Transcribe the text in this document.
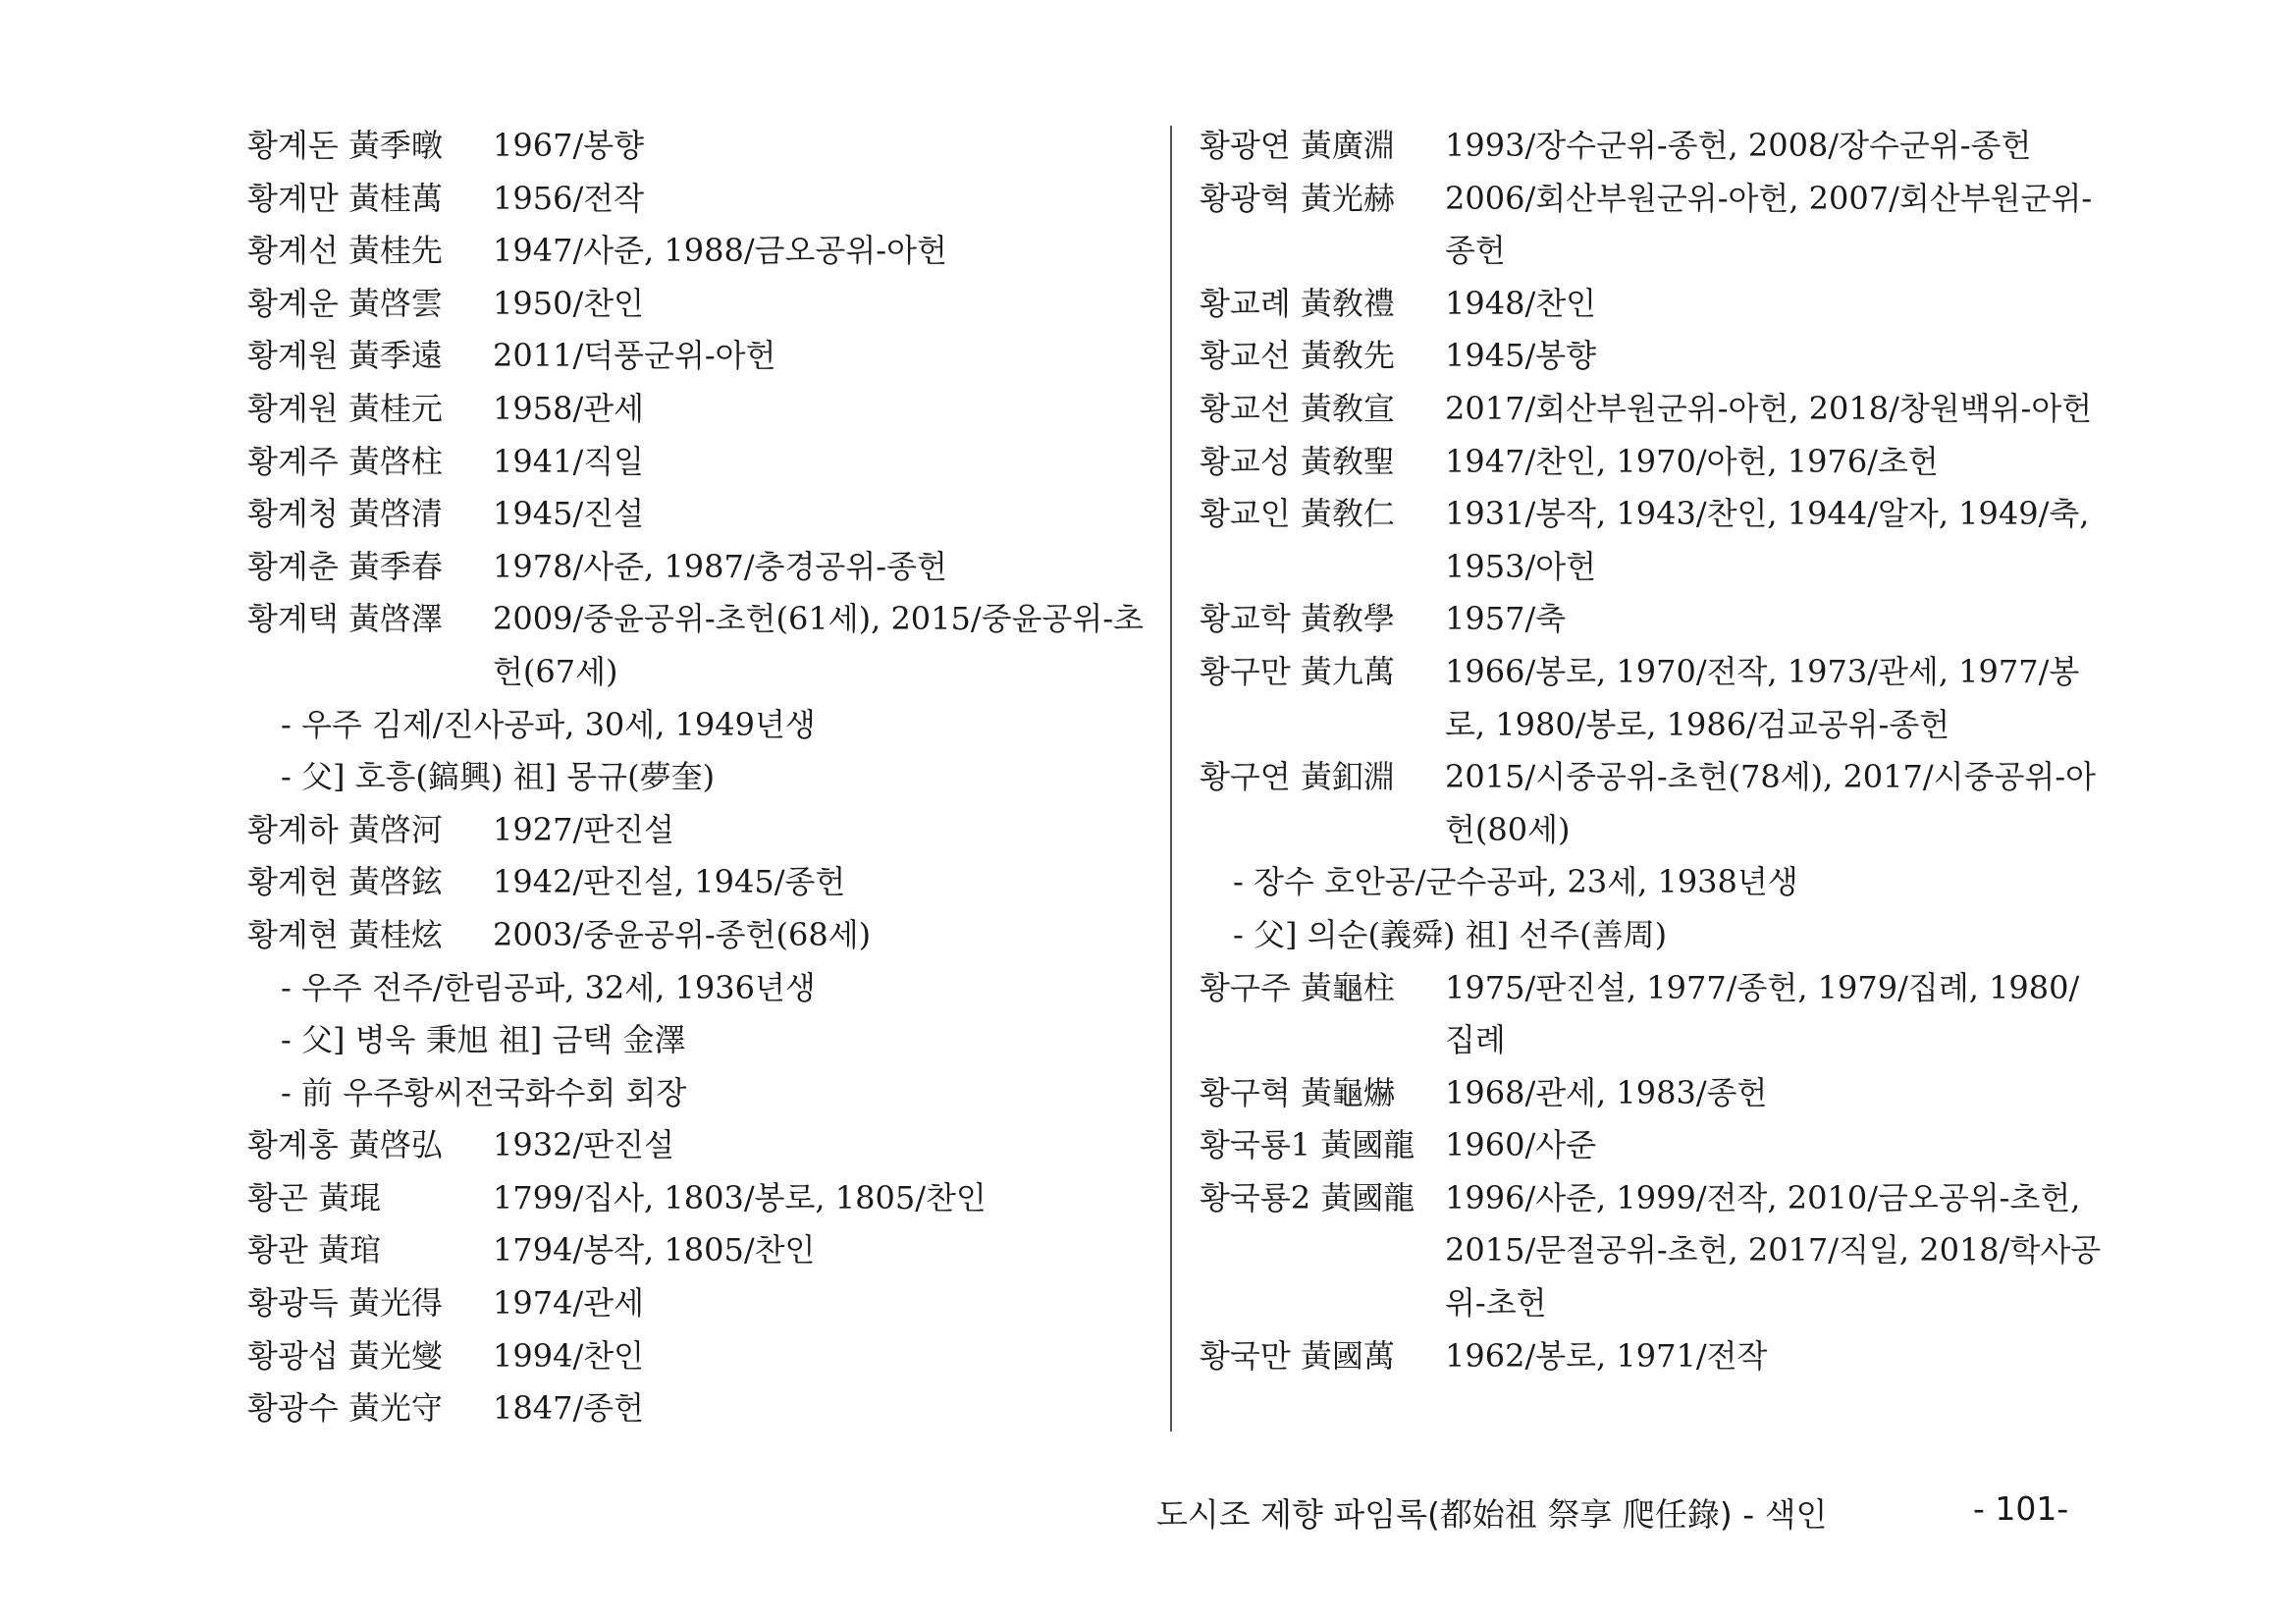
황계돈 黃季暾	1967/봉향
황계만 黃桂萬	1956/전작
황계선 黃桂先	1947/사준, 1988/금오공위-아헌
황계운 黃啓雲	1950/찬인
황계원 黃季遠	2011/덕풍군위-아헌
황계원 黃桂元	1958/관세
황계주 黃啓柱	1941/직일
황계청 黃啓清	1945/진설
황계춘 黃季春	1978/사준, 1987/충경공위-종헌
황계택 黃啓澤	2009/중윤공위-초헌(61세), 2015/중윤공위-초헌(67세)
- 우주 김제/진사공파, 30세, 1949년생
- 父] 호흥(鎬興) 祖] 몽규(夢奎)
황계하 黃啓河	1927/판진설
황계현 黃啓鉉	1942/판진설, 1945/종헌
황계현 黃桂炫	2003/중윤공위-종헌(68세)
- 우주 전주/한림공파, 32세, 1936년생
- 父] 병욱 秉旭 祖] 금택 金澤
- 前 우주황씨전국화수회 회장
황계홍 黃啓弘	1932/판진설
황곤 黃琨	1799/집사, 1803/봉로, 1805/찬인
황관 黃琯	1794/봉작, 1805/찬인
황광득 黃光得	1974/관세
황광섭 黃光燮	1994/찬인
황광수 黃光守	1847/종헌
황광연 黃廣淵	1993/장수군위-종헌, 2008/장수군위-종헌
황광혁 黃光赫	2006/회산부원군위-아헌, 2007/회산부원군위-종헌
황교례 黃敎禮	1948/찬인
황교선 黃敎先	1945/봉향
황교선 黃敎宣	2017/회산부원군위-아헌, 2018/창원백위-아헌
황교성 黃敎聖	1947/찬인, 1970/아헌, 1976/초헌
황교인 黃敎仁	1931/봉작, 1943/찬인, 1944/알자, 1949/축, 1953/아헌
황교학 黃敎學	1957/축
황구만 黃九萬	1966/봉로, 1970/전작, 1973/관세, 1977/봉로, 1980/봉로, 1986/검교공위-종헌
황구연 黃釦淵	2015/시중공위-초헌(78세), 2017/시중공위-아헌(80세)
- 장수 호안공/군수공파, 23세, 1938년생
- 父] 의순(義舜) 祖] 선주(善周)
황구주 黃龜柱	1975/판진설, 1977/종헌, 1979/집례, 1980/집례
황구혁 黃龜爀	1968/관세, 1983/종헌
황국룡1 黃國龍 1960/사준
황국룡2 黃國龍 1996/사준, 1999/전작, 2010/금오공위-초헌, 2015/문절공위-초헌, 2017/직일, 2018/학사공위-초헌
황국만 黃國萬	1962/봉로, 1971/전작
도시조 제향 파임록(都始祖 祭享 爬任錄) - 색인	- 101-
